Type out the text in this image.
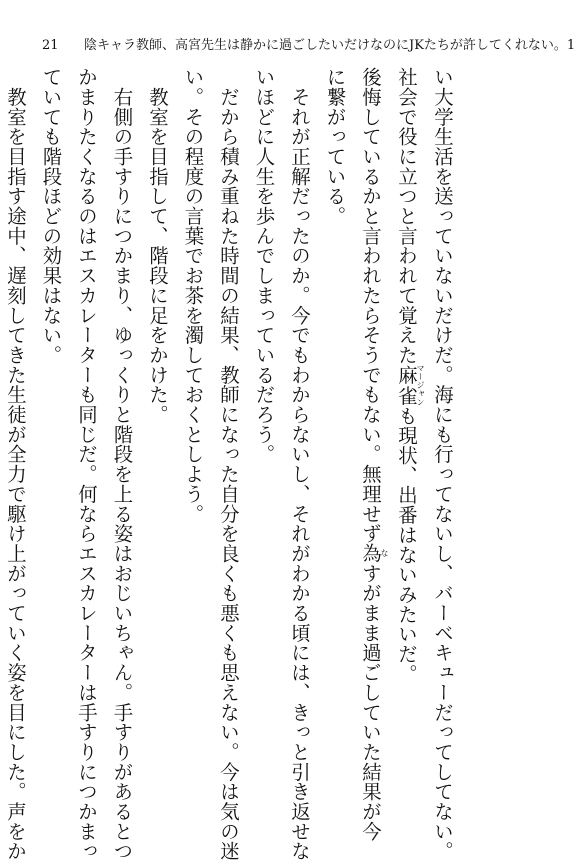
21 陰キャラ教師、高宮先生は静かに過ごしたいだけなのにJKたちが許してくれない。1

い大学生活を送っていないだけだ。海にも行ってないし、バーベキューだってしてない。

社会で役に立つと言われて覚えた麻雀マージャンも現状、出番はないみたいだ。

後悔しているかと言われたらそうでもない。無理せず為なすがまま過ごしていた結果が今

に繋がっている。

　それが正解だったのか。今でもわからないし、それがわかる頃には、きっと引き返せな

いほどに人生を歩んでしまっているだろう。

　だから積み重ねた時間の結果、教師になった自分を良くも悪くも思えない。今は気の迷

い。その程度の言葉でお茶を濁しておくとしよう。

　教室を目指して、階段に足をかけた。

　右側の手すりにつかまり、ゆっくりと階段を上る姿はおじいちゃん。手すりがあるとつ

かまりたくなるのはエスカレーターも同じだ。何ならエスカレーターは手すりにつかまっ

ていても階段ほどの効果はない。

　教室を目指す途中、遅刻してきた生徒が全力で駆け上がっていく姿を目にした。声をか
